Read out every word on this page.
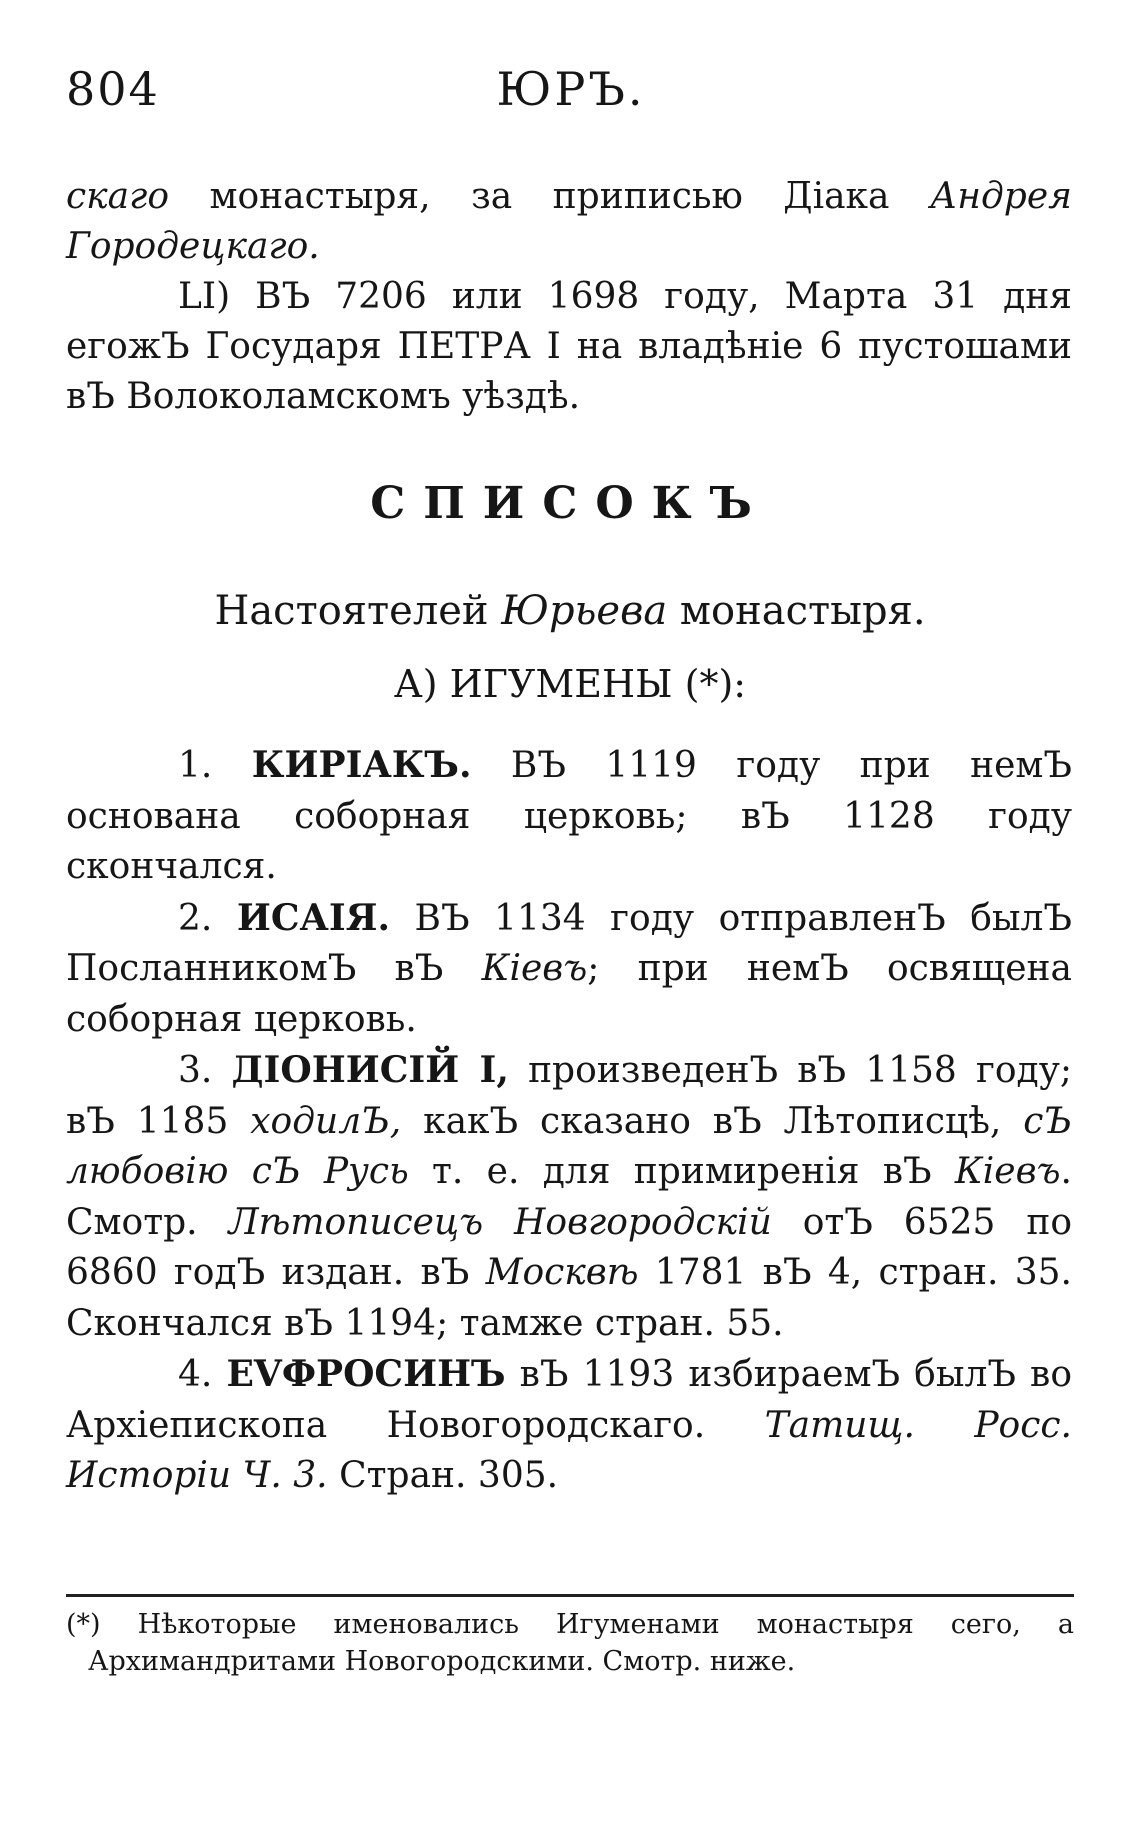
804	ЮРЪ.

скаго монастыря, за приписью Дiака Андрея Городецкаго.

LI) ВЪ 7206 или 1698 году, Марта 31 дня егожЪ Государя ПЕТРА I на владѣнiе 6 пустошами вЪ Волоколамскомъ уѣздѣ.

СПИСОКЪ
Настоятелей Юрьева монастыря.
А) ИГУМЕНЫ (*):

1. КИРIАКЪ. ВЪ 1119 году при немЪ основана соборная церковь; вЪ 1128 году скончался.

2. ИСАIЯ. ВЪ 1134 году отправленЪ былЪ ПосланникомЪ вЪ Кiевъ; при немЪ освящена соборная церковь.

3. ДIОНИСIЙ I, произведенЪ вЪ 1158 году; вЪ 1185 ходилЪ, какЪ сказано вЪ Лѣтописцѣ, сЪ любовiю сЪ Русь т. е. для примиренiя вЪ Кiевъ. Смотр. Лѣтописецъ Новгородскiй отЪ 6525 по 6860 годЪ издан. вЪ Москвѣ 1781 вЪ 4, стран. 35. Скончался вЪ 1194; тамже стран. 55.

4. ЕVФРОСИНЪ вЪ 1193 избираемЪ былЪ во Архiепископа Новогородскаго. Татищ. Росс. Исторiи Ч. 3. Стран. 305.

(*) Нѣкоторые именовались Игуменами монастыря сего, а Архимандритами Новогородскими. Смотр. ниже.
